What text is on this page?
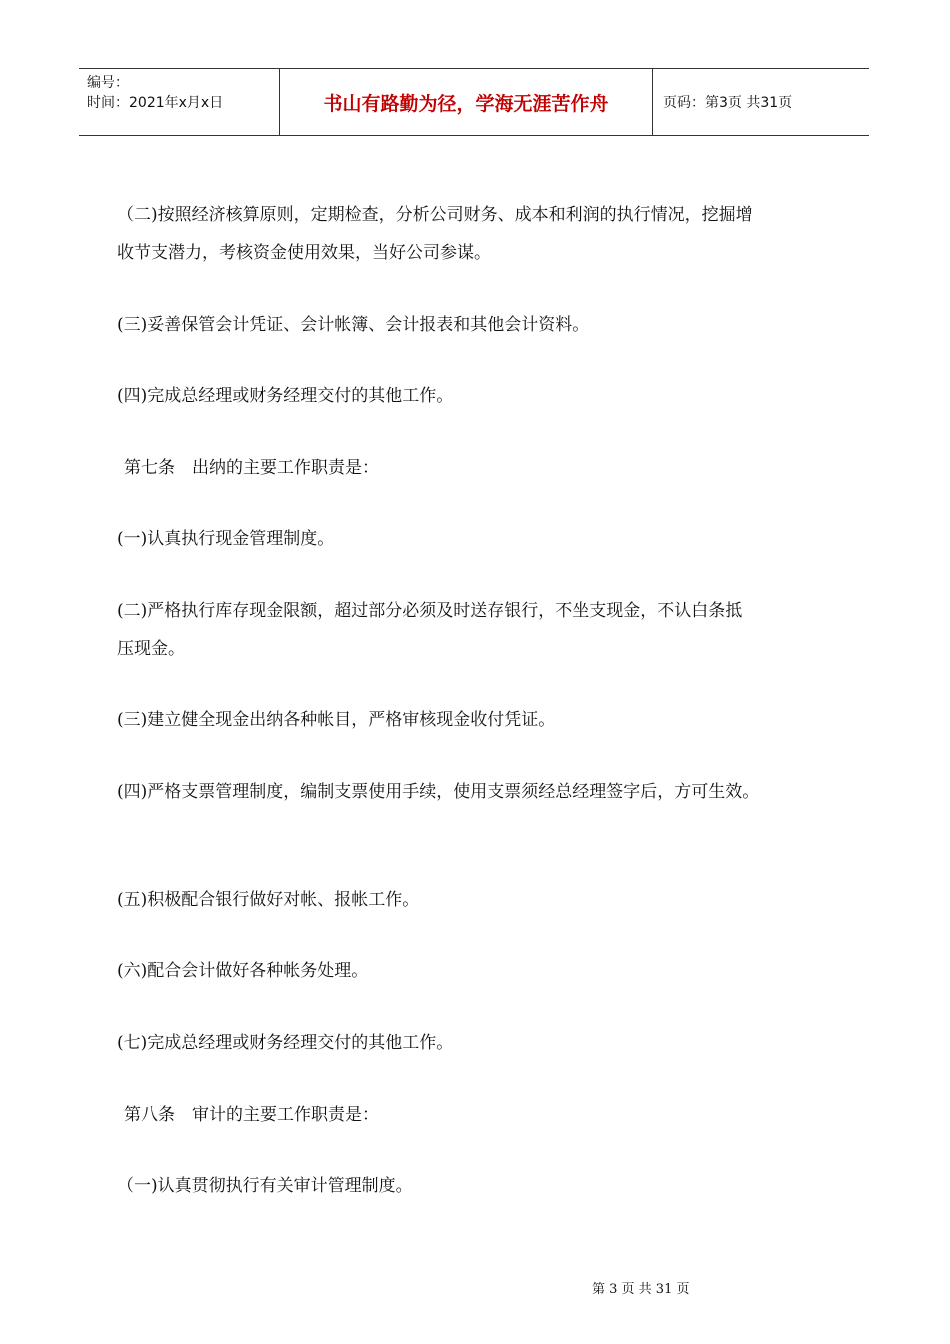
编号：
时间：2021年x月x日	书山有路勤为径，学海无涯苦作舟	页码：第3页 共31页
（二)按照经济核算原则，定期检查，分析公司财务、成本和利润的执行情况，挖掘增
收节支潜力，考核资金使用效果，当好公司参谋。
(三)妥善保管会计凭证、会计帐簿、会计报表和其他会计资料。
(四)完成总经理或财务经理交付的其他工作。
第七条　出纳的主要工作职责是：
(一)认真执行现金管理制度。
(二)严格执行库存现金限额，超过部分必须及时送存银行，不坐支现金，不认白条抵
压现金。
(三)建立健全现金出纳各种帐目，严格审核现金收付凭证。
(四)严格支票管理制度，编制支票使用手续，使用支票须经总经理签字后，方可生效。
(五)积极配合银行做好对帐、报帐工作。
(六)配合会计做好各种帐务处理。
(七)完成总经理或财务经理交付的其他工作。
第八条　审计的主要工作职责是：
（一)认真贯彻执行有关审计管理制度。
第 3 页 共 31 页
